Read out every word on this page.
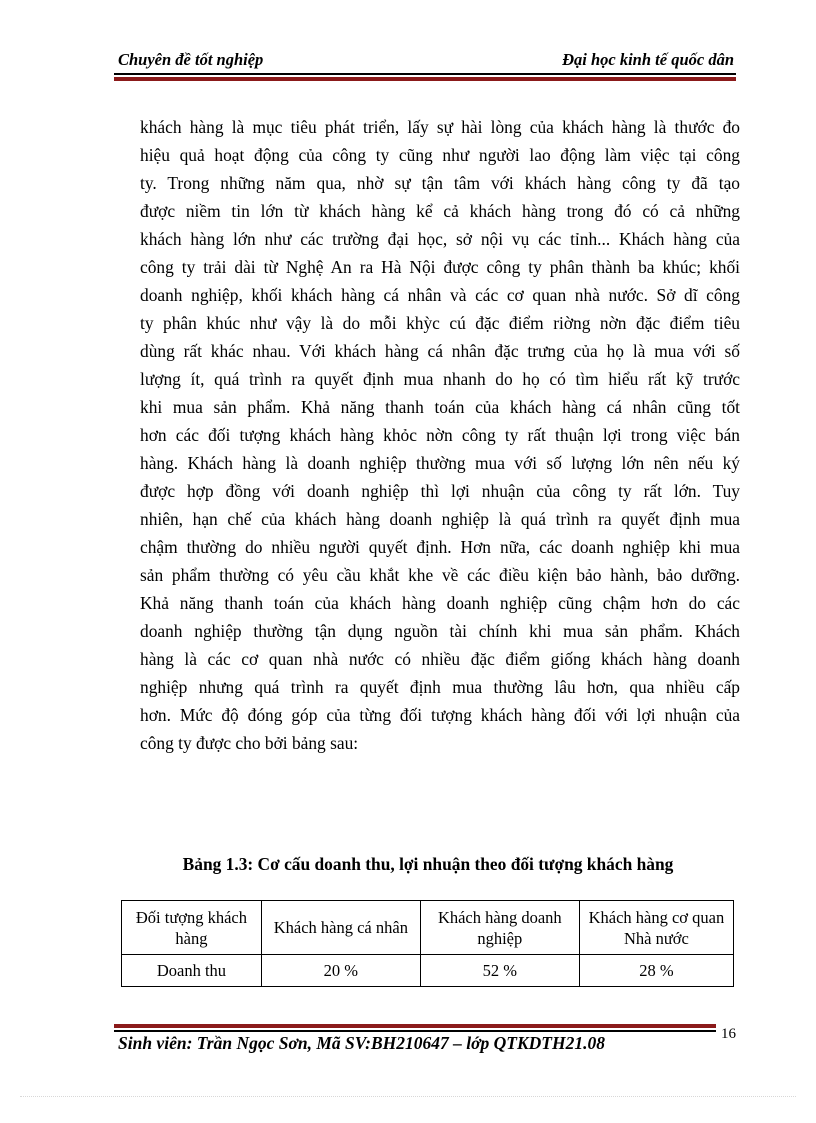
Chuyên đề tốt nghiệp	Đại học kinh tế quốc dân
khách hàng là mục tiêu phát triển, lấy sự hài lòng của khách hàng là thước đo
hiệu quả hoạt động của công ty cũng như người lao động làm việc tại công
ty. Trong những năm qua, nhờ sự tận tâm với khách hàng công ty đã tạo
được niềm tin lớn từ khách hàng kể cả khách hàng trong đó có cả những
khách hàng lớn như các trường đại học, sở nội vụ các tỉnh... Khách hàng của
công ty trải dài từ Nghệ An ra Hà Nội được công ty phân thành ba khúc; khối
doanh nghiệp, khối khách hàng cá nhân và các cơ quan nhà nước. Sở dĩ công
ty phân khúc như vậy là do mỗi khỳc cú đặc điểm riờng nờn đặc điểm tiêu
dùng rất khác nhau. Với khách hàng cá nhân đặc trưng của họ là mua với số
lượng ít, quá trình ra quyết định mua nhanh do họ có tìm hiểu rất kỹ trước
khi mua sản phẩm. Khả năng thanh toán của khách hàng cá nhân cũng tốt
hơn các đối tượng khách hàng khỏc nờn công ty rất thuận lợi trong việc bán
hàng. Khách hàng là doanh nghiệp thường mua với số lượng lớn nên nếu ký
được hợp đồng với doanh nghiệp thì lợi nhuận của công ty rất lớn. Tuy
nhiên, hạn chế của khách hàng doanh nghiệp là quá trình ra quyết định mua
chậm thường do nhiều người quyết định. Hơn nữa, các doanh nghiệp khi mua
sản phẩm thường có yêu cầu khắt khe về các điều kiện bảo hành, bảo dưỡng.
Khả năng thanh toán của khách hàng doanh nghiệp cũng chậm hơn do các
doanh nghiệp thường tận dụng nguồn tài chính khi mua sản phẩm. Khách
hàng là các cơ quan nhà nước có nhiều đặc điểm giống khách hàng doanh
nghiệp nhưng quá trình ra quyết định mua thường lâu hơn, qua nhiều cấp
hơn. Mức độ đóng góp của từng đối tượng khách hàng đối với lợi nhuận của
công ty được cho bởi bảng sau:

Bảng 1.3: Cơ cấu doanh thu, lợi nhuận theo đối tượng khách hàng

Đối tượng khách hàng	Khách hàng cá nhân	Khách hàng doanh nghiệp	Khách hàng cơ quan Nhà nước
Doanh thu	20 %	52 %	28 %
16
Sinh viên: Trần Ngọc Sơn, Mã SV:BH210647 – lớp QTKDTH21.08
